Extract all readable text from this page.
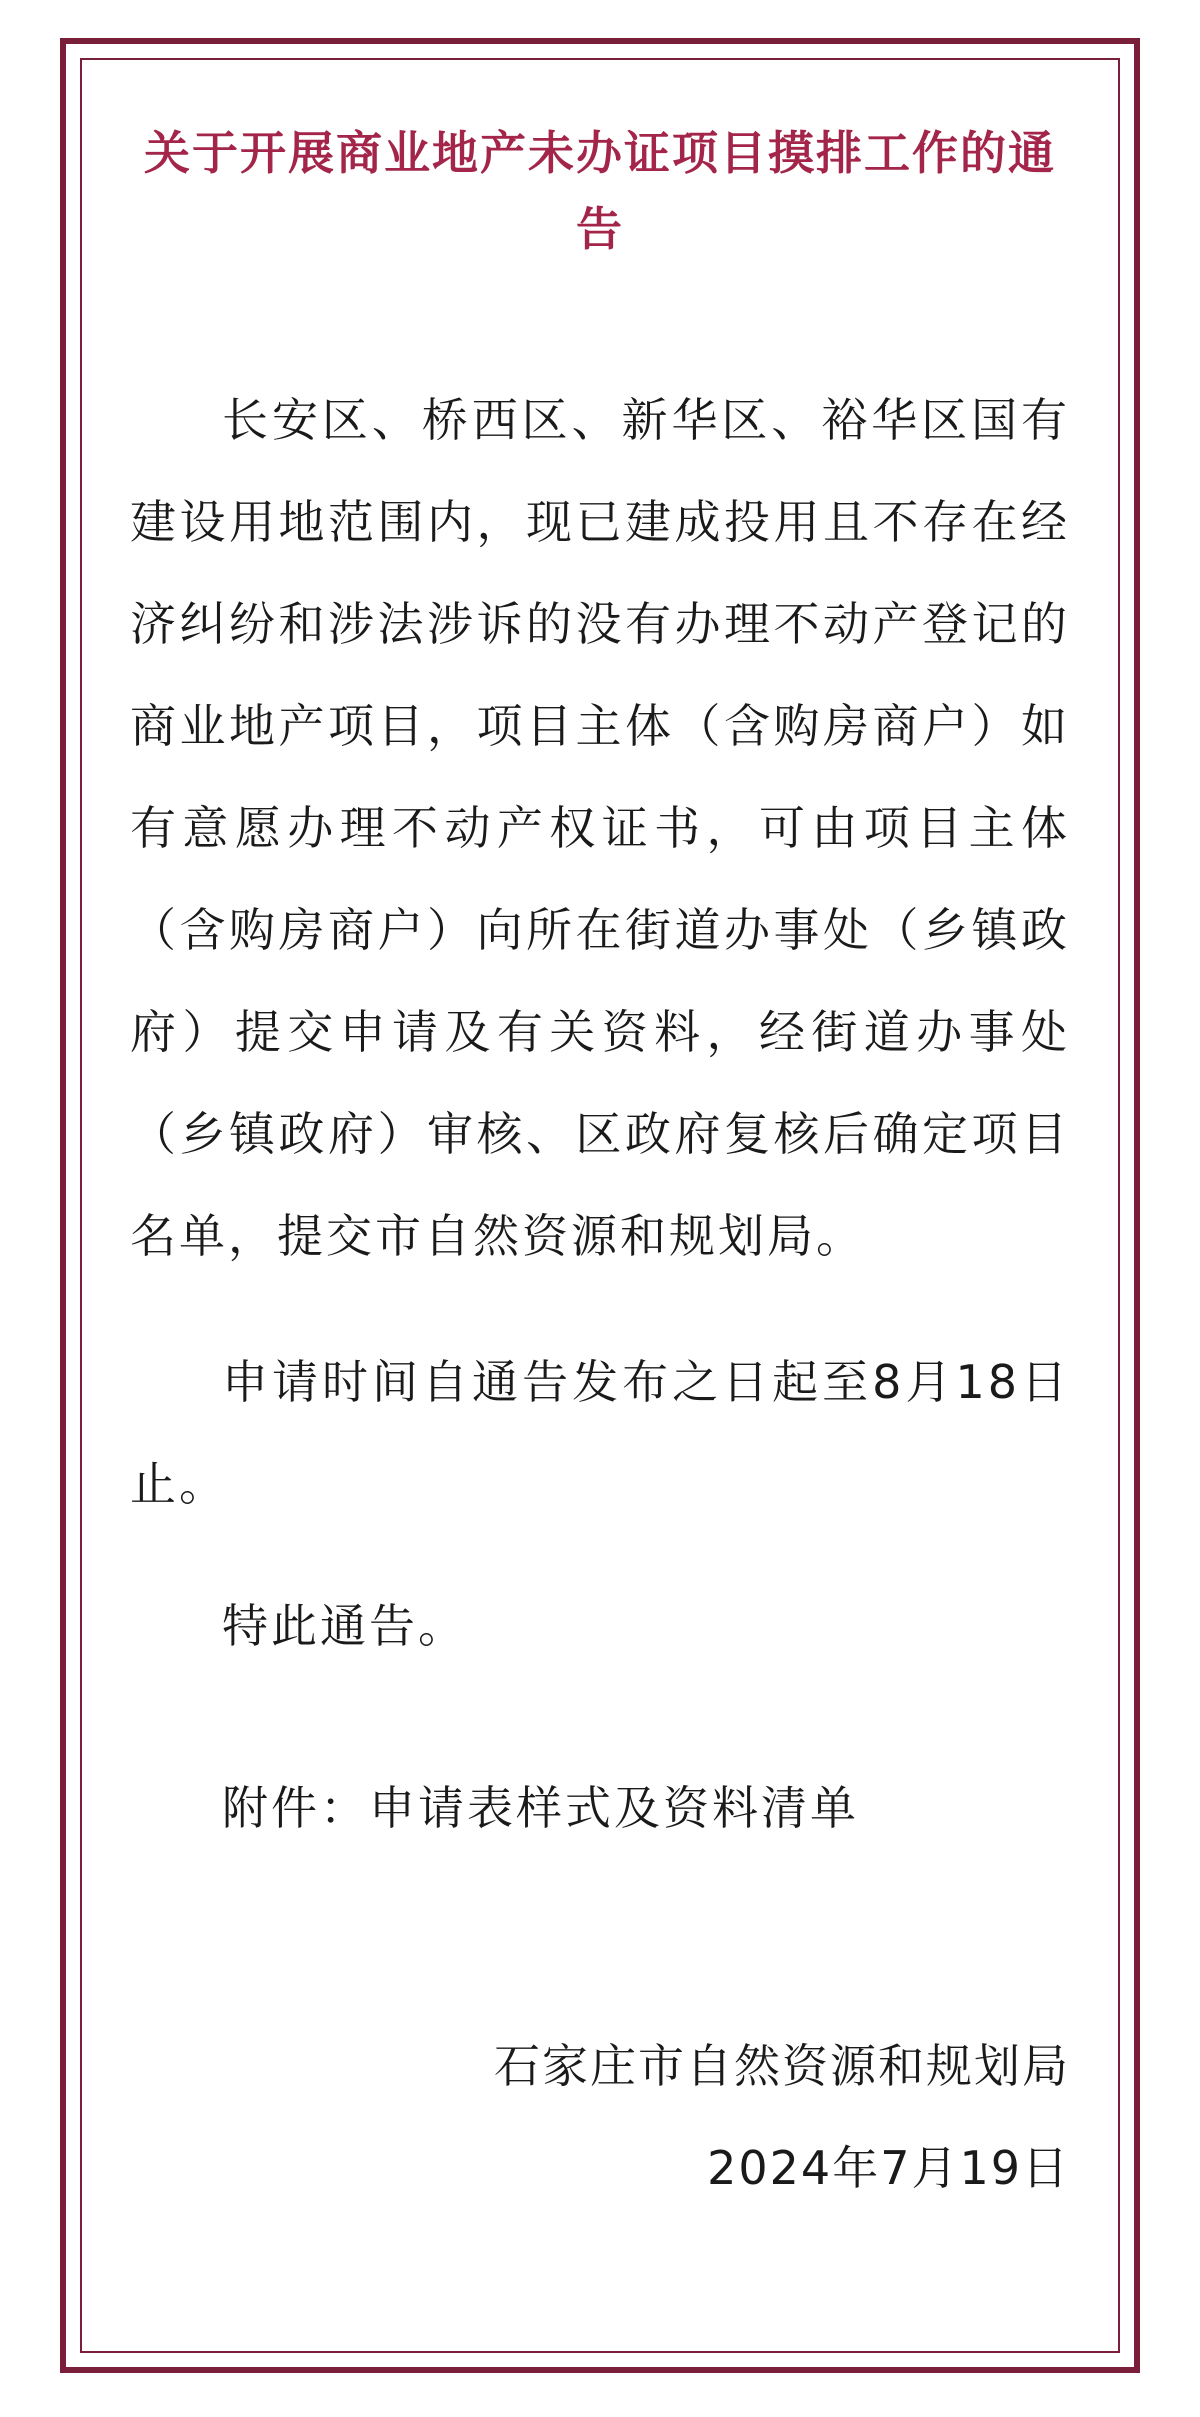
关于开展商业地产未办证项目摸排工作的通告

长安区、桥西区、新华区、裕华区国有建设用地范围内，现已建成投用且不存在经济纠纷和涉法涉诉的没有办理不动产登记的商业地产项目，项目主体（含购房商户）如有意愿办理不动产权证书，可由项目主体（含购房商户）向所在街道办事处（乡镇政府）提交申请及有关资料，经街道办事处（乡镇政府）审核、区政府复核后确定项目名单，提交市自然资源和规划局。

申请时间自通告发布之日起至8月18日止。

特此通告。

附件：申请表样式及资料清单

石家庄市自然资源和规划局

2024年7月19日
